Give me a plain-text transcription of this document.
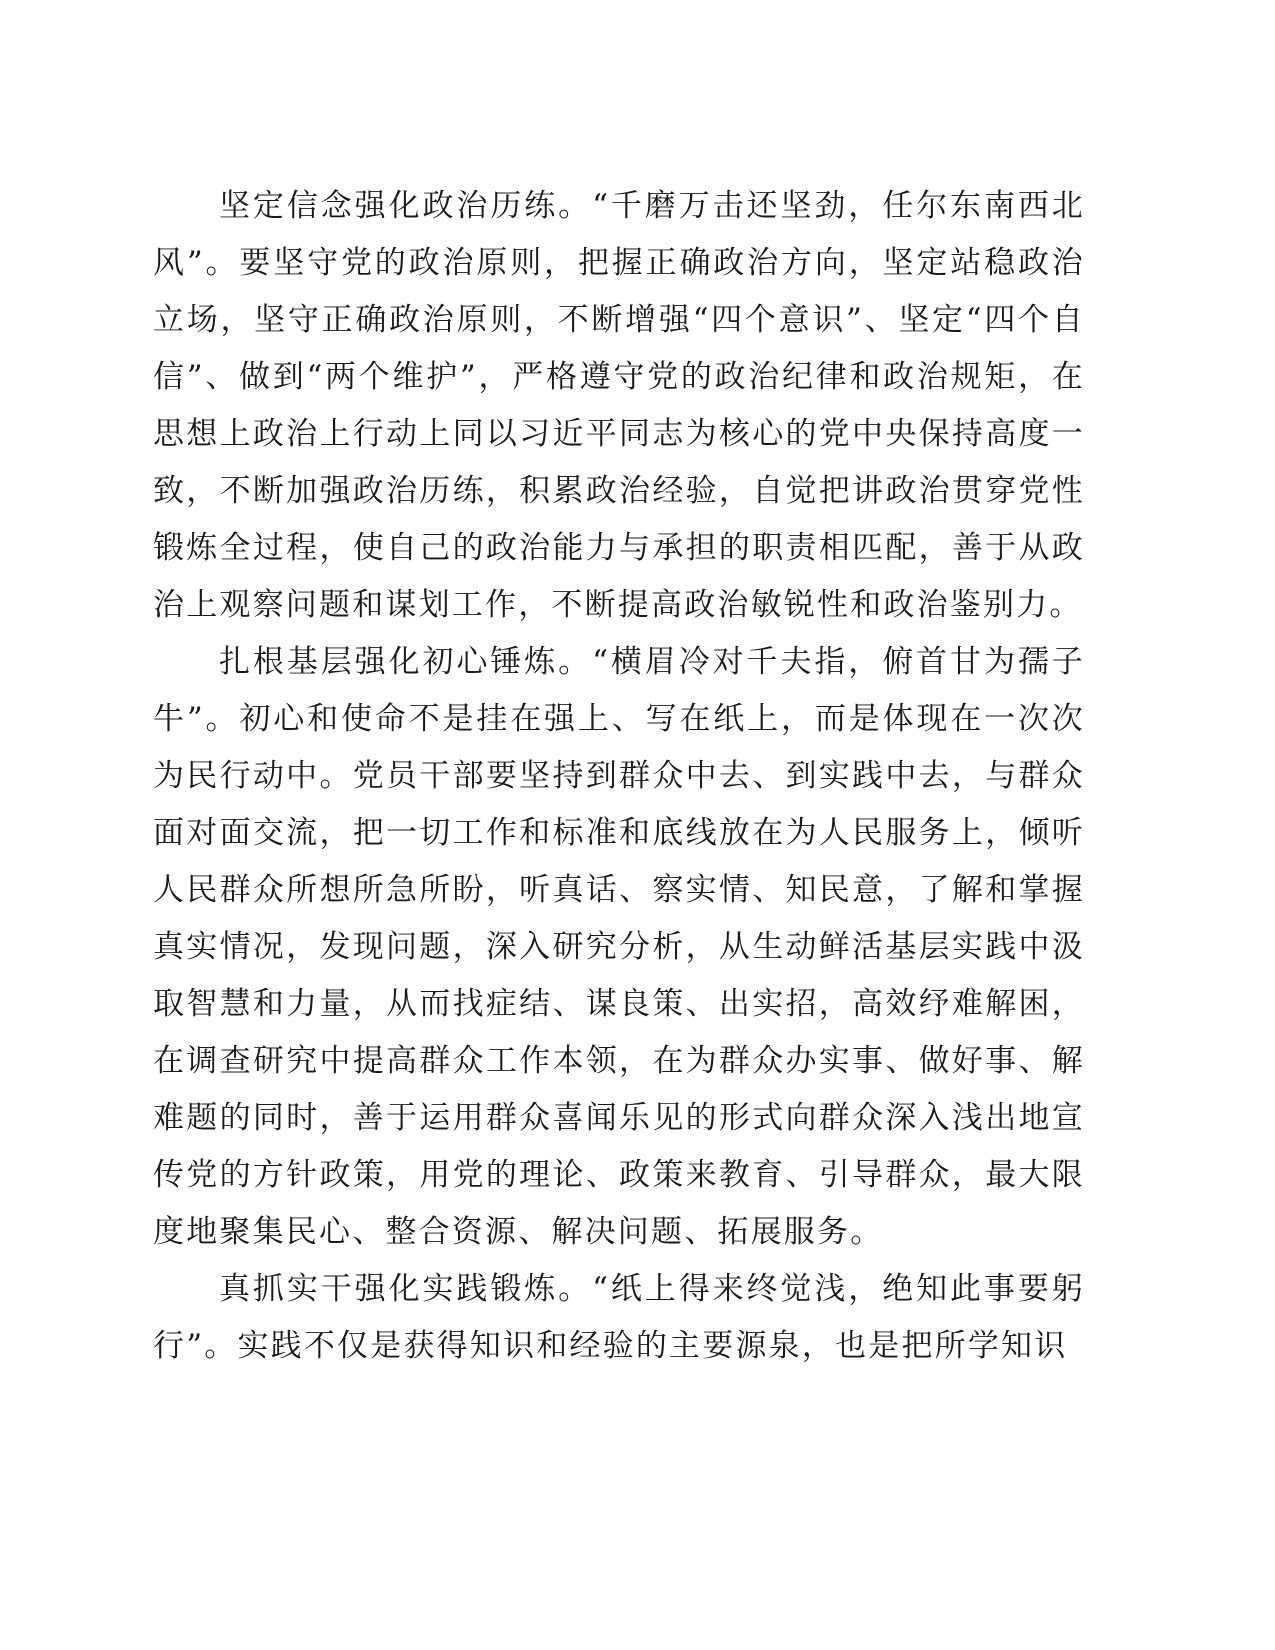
坚定信念强化政治历练。“千磨万击还坚劲，任尔东南西北风”。要坚守党的政治原则，把握正确政治方向，坚定站稳政治立场，坚守正确政治原则，不断增强“四个意识”、坚定“四个自信”、做到“两个维护”，严格遵守党的政治纪律和政治规矩，在思想上政治上行动上同以习近平同志为核心的党中央保持高度一致，不断加强政治历练，积累政治经验，自觉把讲政治贯穿党性锻炼全过程，使自己的政治能力与承担的职责相匹配，善于从政治上观察问题和谋划工作，不断提高政治敏锐性和政治鉴别力。

扎根基层强化初心锤炼。“横眉冷对千夫指，俯首甘为孺子牛”。初心和使命不是挂在强上、写在纸上，而是体现在一次次为民行动中。党员干部要坚持到群众中去、到实践中去，与群众面对面交流，把一切工作和标准和底线放在为人民服务上，倾听人民群众所想所急所盼，听真话、察实情、知民意，了解和掌握真实情况，发现问题，深入研究分析，从生动鲜活基层实践中汲取智慧和力量，从而找症结、谋良策、出实招，高效纾难解困，在调查研究中提高群众工作本领，在为群众办实事、做好事、解难题的同时，善于运用群众喜闻乐见的形式向群众深入浅出地宣传党的方针政策，用党的理论、政策来教育、引导群众，最大限度地聚集民心、整合资源、解决问题、拓展服务。

真抓实干强化实践锻炼。“纸上得来终觉浅，绝知此事要躬行”。实践不仅是获得知识和经验的主要源泉，也是把所学知识
